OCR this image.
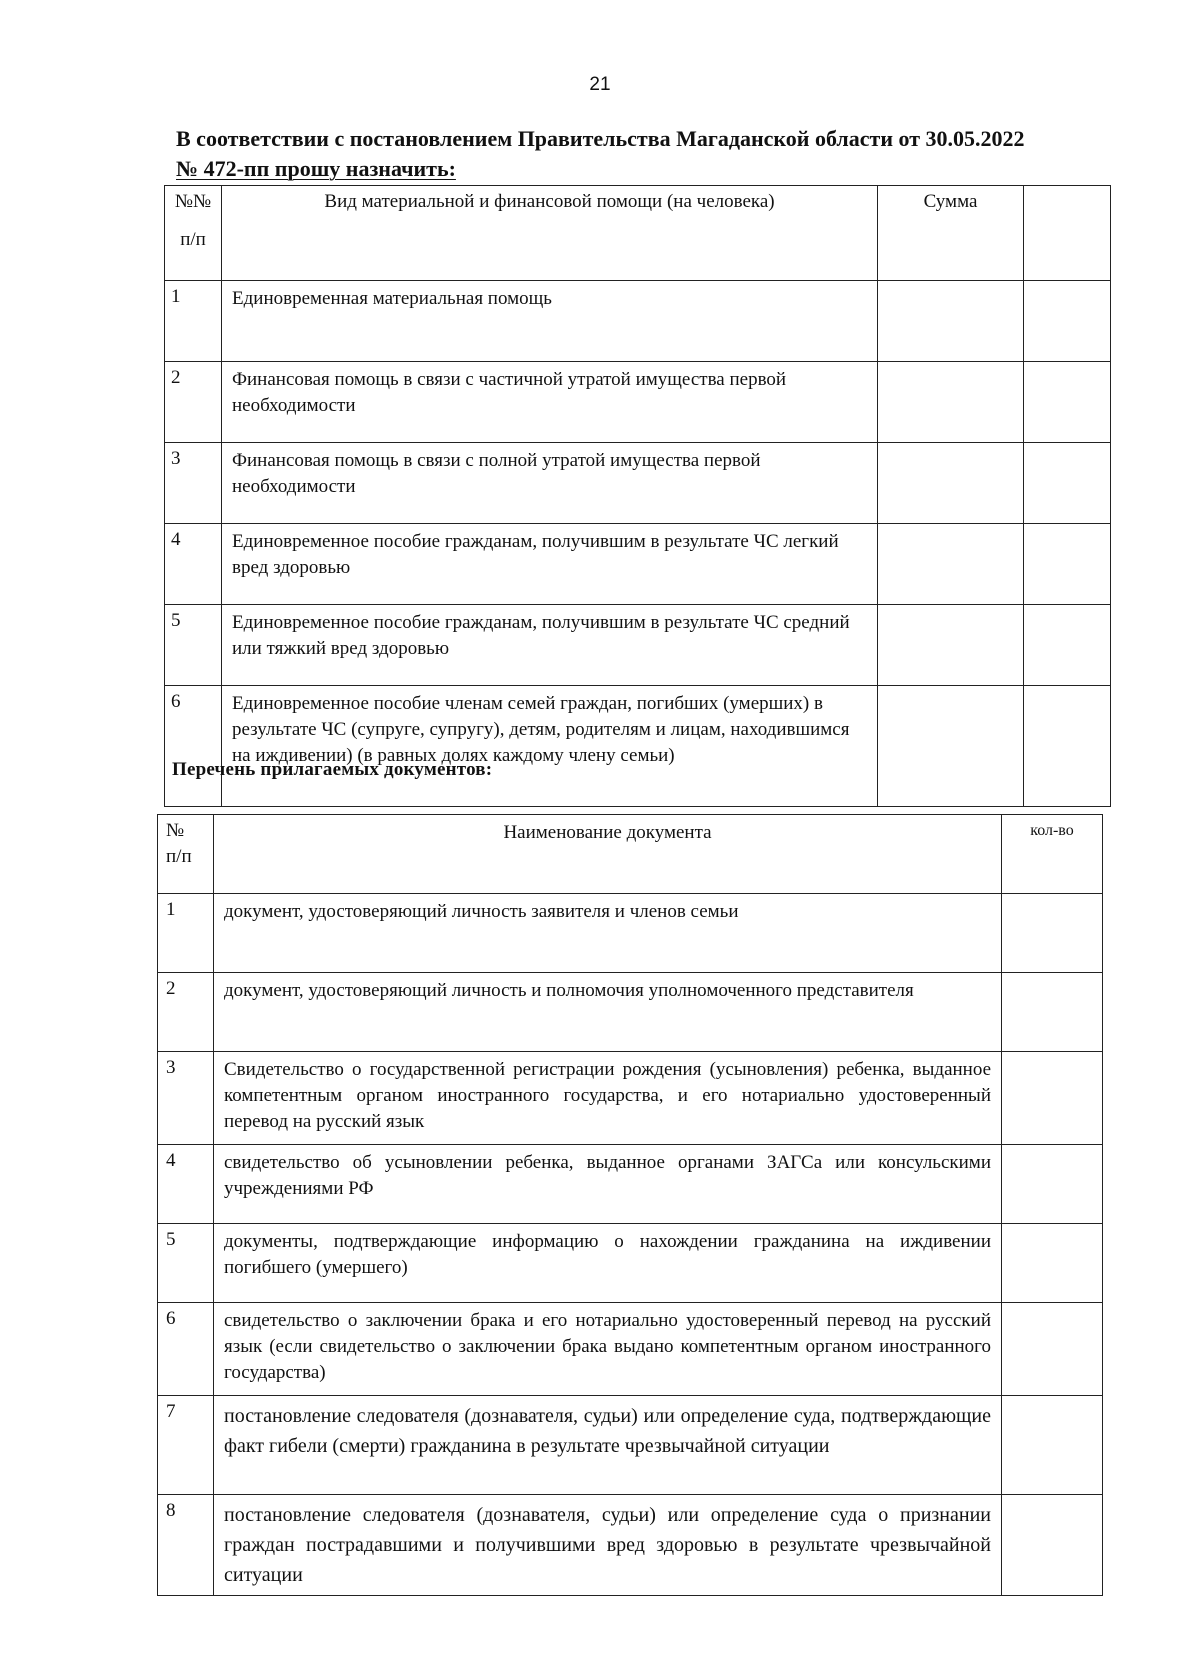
21
В соответствии с постановлением Правительства Магаданской области от 30.05.2022
№ 472-пп прошу назначить:
№№
п/п	Вид материальной и финансовой помощи (на человека)	Сумма	
1	Единовременная материальная помощь		
2	Финансовая помощь в связи с частичной утратой имущества первой необходимости		
3	Финансовая помощь в связи с полной утратой имущества первой необходимости		
4	Единовременное пособие гражданам, получившим в результате ЧС легкий вред здоровью		
5	Единовременное пособие гражданам, получившим в результате ЧС средний или тяжкий вред здоровью		
6	Единовременное пособие членам семей граждан, погибших (умерших) в результате ЧС (супруге, супругу), детям, родителям и лицам, находившимся на иждивении) (в равных долях каждому члену семьи)		
Перечень прилагаемых документов:
№
п/п	Наименование документа	кол-во
1	документ, удостоверяющий личность заявителя и членов семьи	
2	документ, удостоверяющий личность и полномочия уполномоченного представителя	
3	Свидетельство о государственной регистрации рождения (усыновления) ребенка, выданное компетентным органом иностранного государства, и его нотариально удостоверенный перевод на русский язык	
4	свидетельство об усыновлении ребенка, выданное органами ЗАГСа или консульскими учреждениями РФ	
5	документы, подтверждающие информацию о нахождении гражданина на иждивении погибшего (умершего)	
6	свидетельство о заключении брака и его нотариально удостоверенный перевод на русский язык (если свидетельство о заключении брака выдано компетентным органом иностранного государства)	
7	постановление следователя (дознавателя, судьи) или определение суда, подтверждающие факт гибели (смерти) гражданина в результате чрезвычайной ситуации	
8	постановление следователя (дознавателя, судьи) или определение суда о признании граждан пострадавшими и получившими вред здоровью в результате чрезвычайной ситуации	
